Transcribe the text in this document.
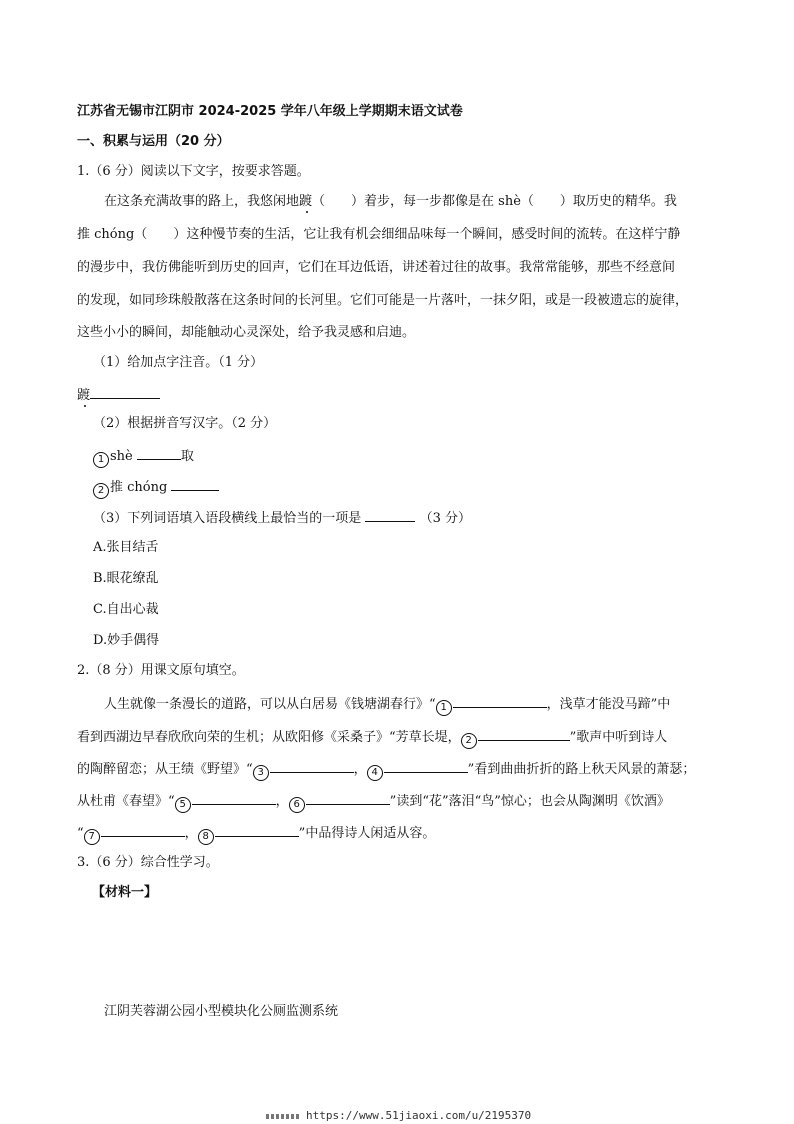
江苏省无锡市江阴市 2024-2025 学年八年级上学期期末语文试卷
一、积累与运用（20 分）
1.（6 分）阅读以下文字，按要求答题。
在这条充满故事的路上，我悠闲地踱（ ）着步，每一步都像是在 shè（ ）取历史的精华。我
推 chóng（ ）这种慢节奏的生活，它让我有机会细细品味每一个瞬间，感受时间的流转。在这样宁静
的漫步中，我仿佛能听到历史的回声，它们在耳边低语，讲述着过往的故事。我常常能够，那些不经意间
的发现，如同珍珠般散落在这条时间的长河里。它们可能是一片落叶，一抹夕阳，或是一段被遗忘的旋律，
这些小小的瞬间，却能触动心灵深处，给予我灵感和启迪。
（1）给加点字注音。（1 分）
踱
（2）根据拼音写汉字。（2 分）
1 shè	取
2 推 chóng
（3）下列词语填入语段横线上最恰当的一项是	（3 分）
A.张目结舌
B.眼花缭乱
C.自出心裁
D.妙手偶得
2.（8 分）用课文原句填空。
人生就像一条漫长的道路，可以从白居易《钱塘湖春行》“ 1	，浅草才能没马蹄”中
看到西湖边早春欣欣向荣的生机；从欧阳修《采桑子》“芳草长堤， 2	”歌声中听到诗人
的陶醉留恋；从王绩《野望》“ 3	， 4	”看到曲曲折折的路上秋天风景的萧瑟；
从杜甫《春望》“ 5	， 6	”读到“花”落泪“鸟”惊心；也会从陶渊明《饮酒》
“ 7	， 8	”中品得诗人闲适从容。
3.（6 分）综合性学习。
【材料一】
江阴芙蓉湖公园小型模块化公厕监测系统
https://www.51jiaoxi.com/u/2195370
